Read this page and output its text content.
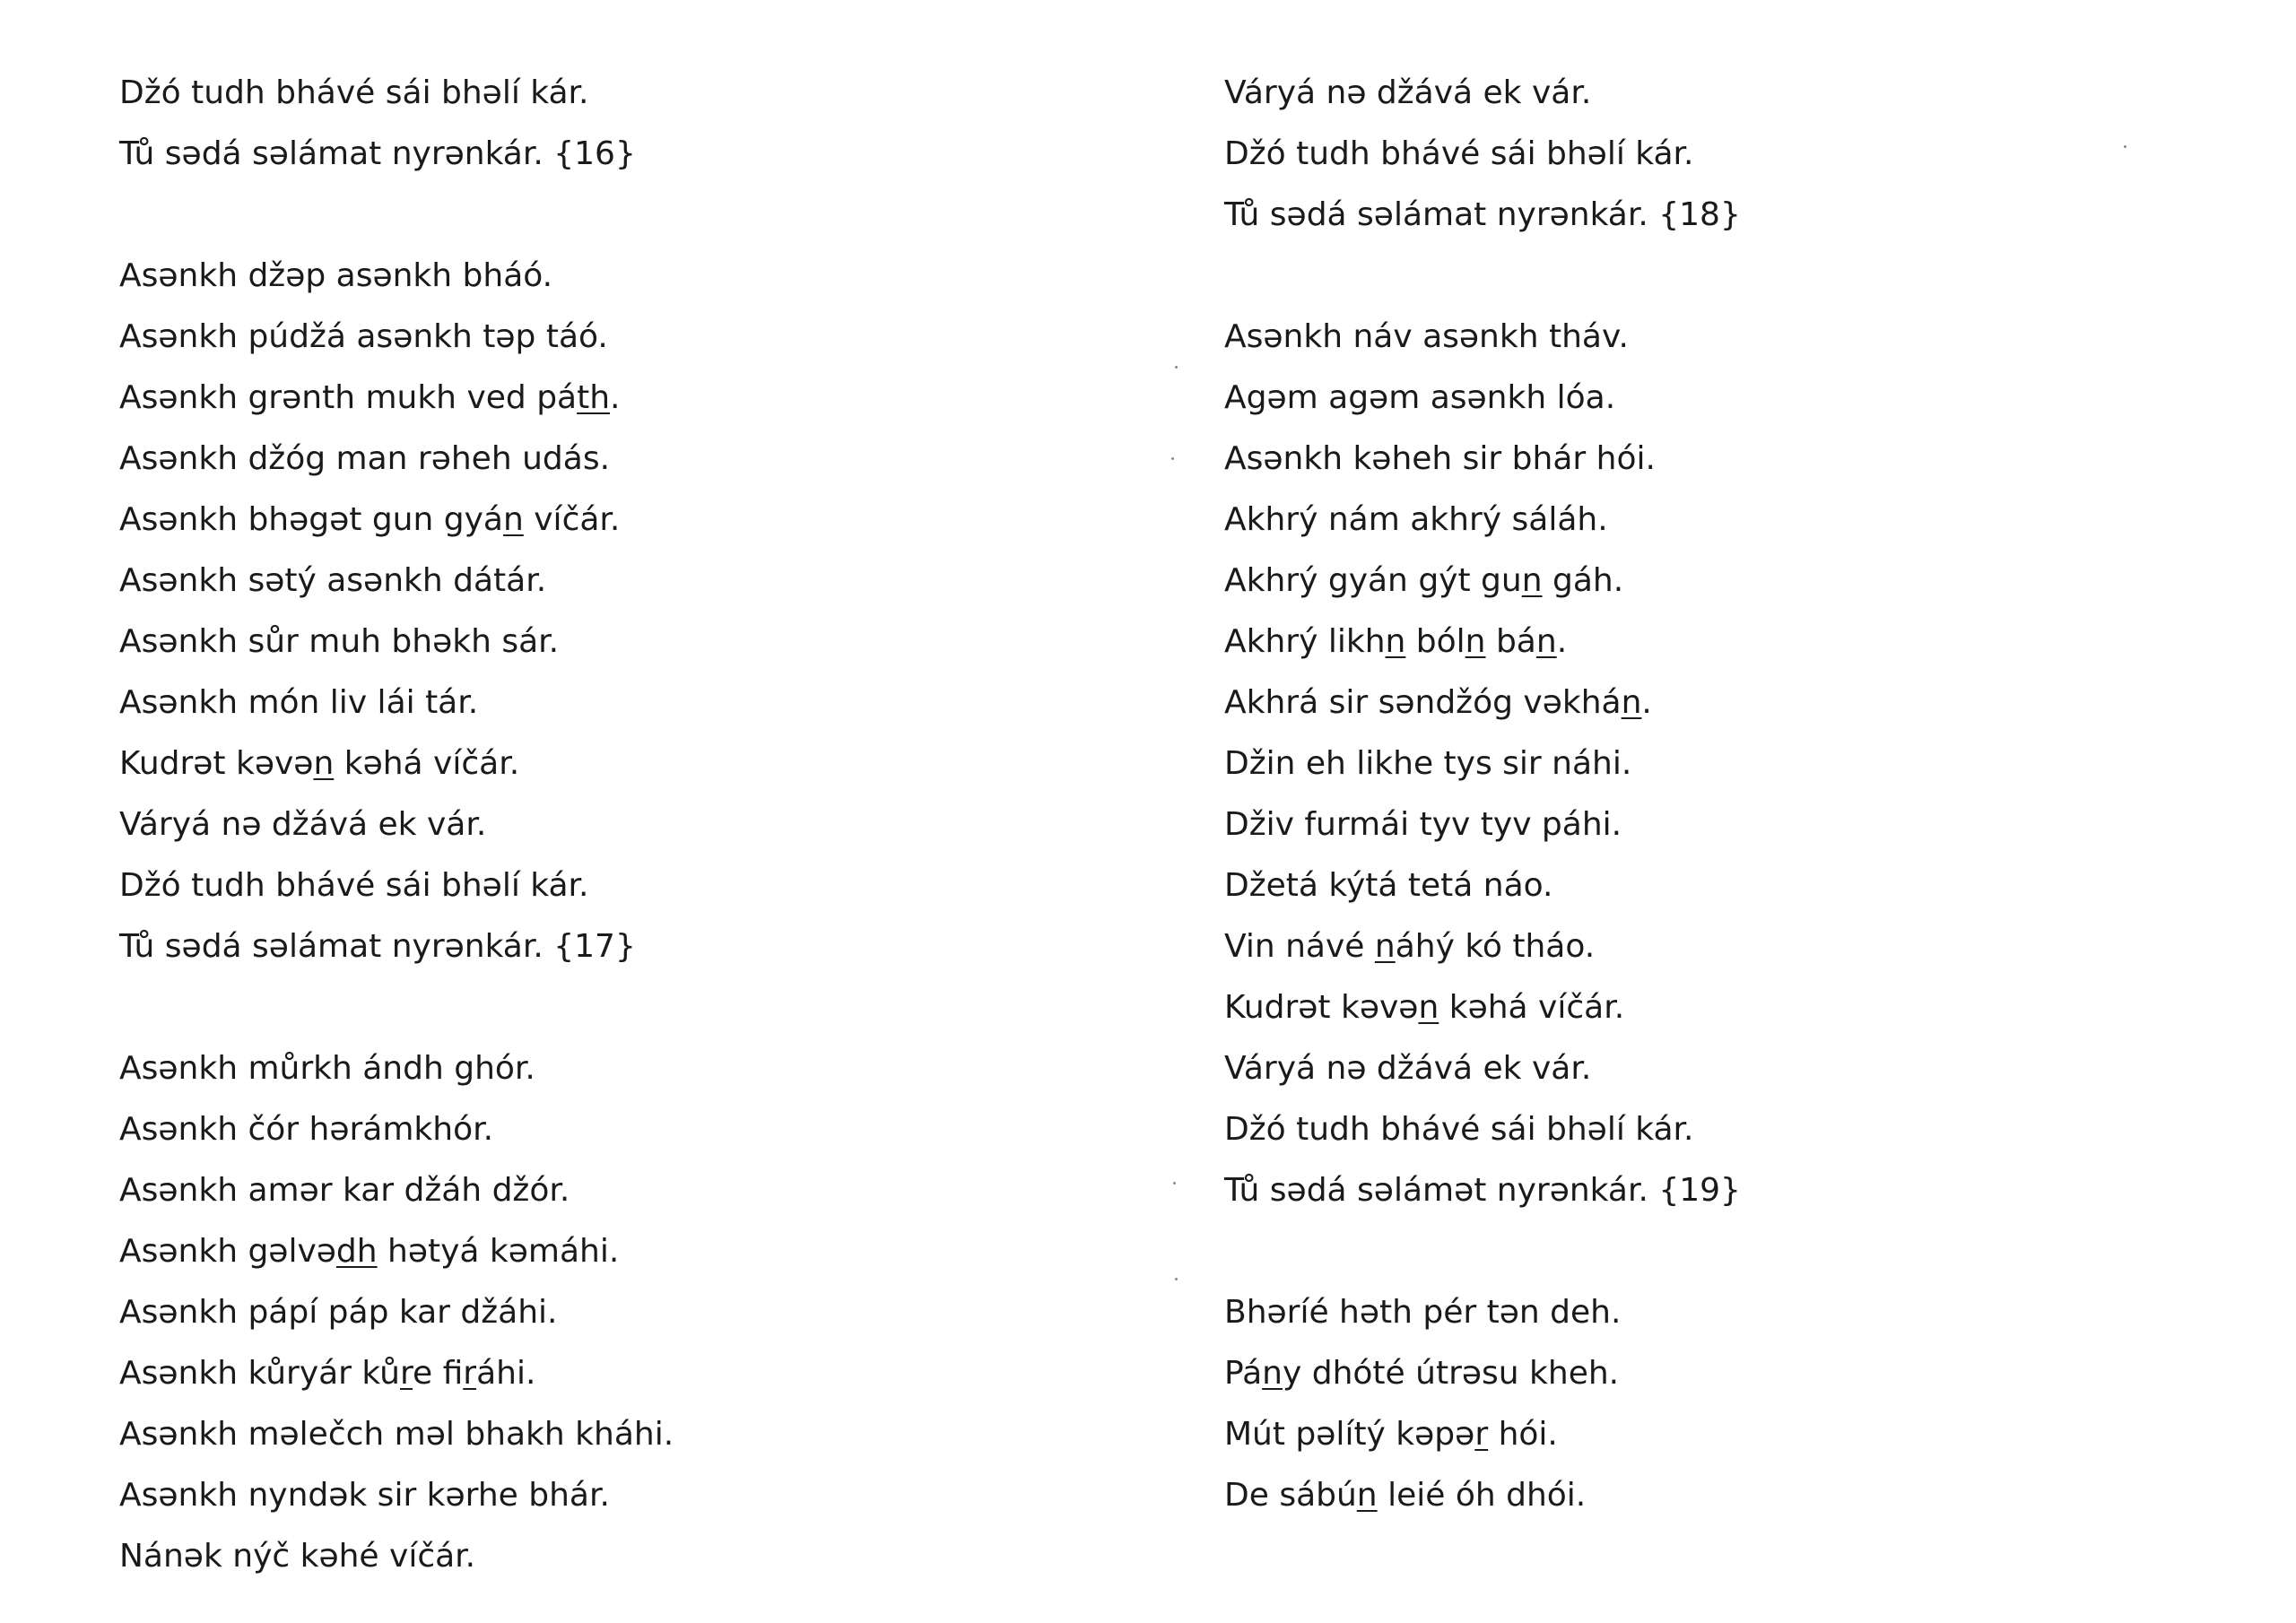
Džó tudh bhávé sái bhəlí kár.
Tů sədá səlámat nyrənkár. {16}
Asənkh džəp asənkh bháó.
Asənkh púdžá asənkh təp táó.
Asənkh grənth mukh ved páth.
Asənkh džóg man rəheh udás.
Asənkh bhəgət gun gyán víčár.
Asənkh sətý asənkh dátár.
Asənkh sůr muh bhəkh sár.
Asənkh món liv lái tár.
Kudrət kəvən kəhá víčár.
Váryá nə džává ek vár.
Džó tudh bhávé sái bhəlí kár.
Tů sədá səlámat nyrənkár. {17}
Asənkh můrkh ándh ghór.
Asənkh čór hərámkhór.
Asənkh amər kar džáh džór.
Asənkh gəlvədh hətyá kəmáhi.
Asənkh pápí páp kar džáhi.
Asənkh kůryár kůre firáhi.
Asənkh məlečch məl bhakh kháhi.
Asənkh nyndək sir kərhe bhár.
Nánək nýč kəhé víčár.
Váryá nə džává ek vár.
Džó tudh bhávé sái bhəlí kár.
Tů sədá səlámat nyrənkár. {18}
Asənkh náv asənkh tháv.
Agəm agəm asənkh lóa.
Asənkh kəheh sir bhár hói.
Akhrý nám akhrý sáláh.
Akhrý gyán gýt gun gáh.
Akhrý likhn bóln bán.
Akhrá sir səndžóg vəkhán.
Džin eh likhe tys sir náhi.
Dživ furmái tyv tyv páhi.
Džetá kýtá tetá náo.
Vin návé náhý kó tháo.
Kudrət kəvən kəhá víčár.
Váryá nə džává ek vár.
Džó tudh bhávé sái bhəlí kár.
Tů sədá səlámət nyrənkár. {19}
Bhəríé həth pér tən deh.
Pány dhóté útrəsu kheh.
Mút pəlítý kəpər hói.
De sábún leié óh dhói.
